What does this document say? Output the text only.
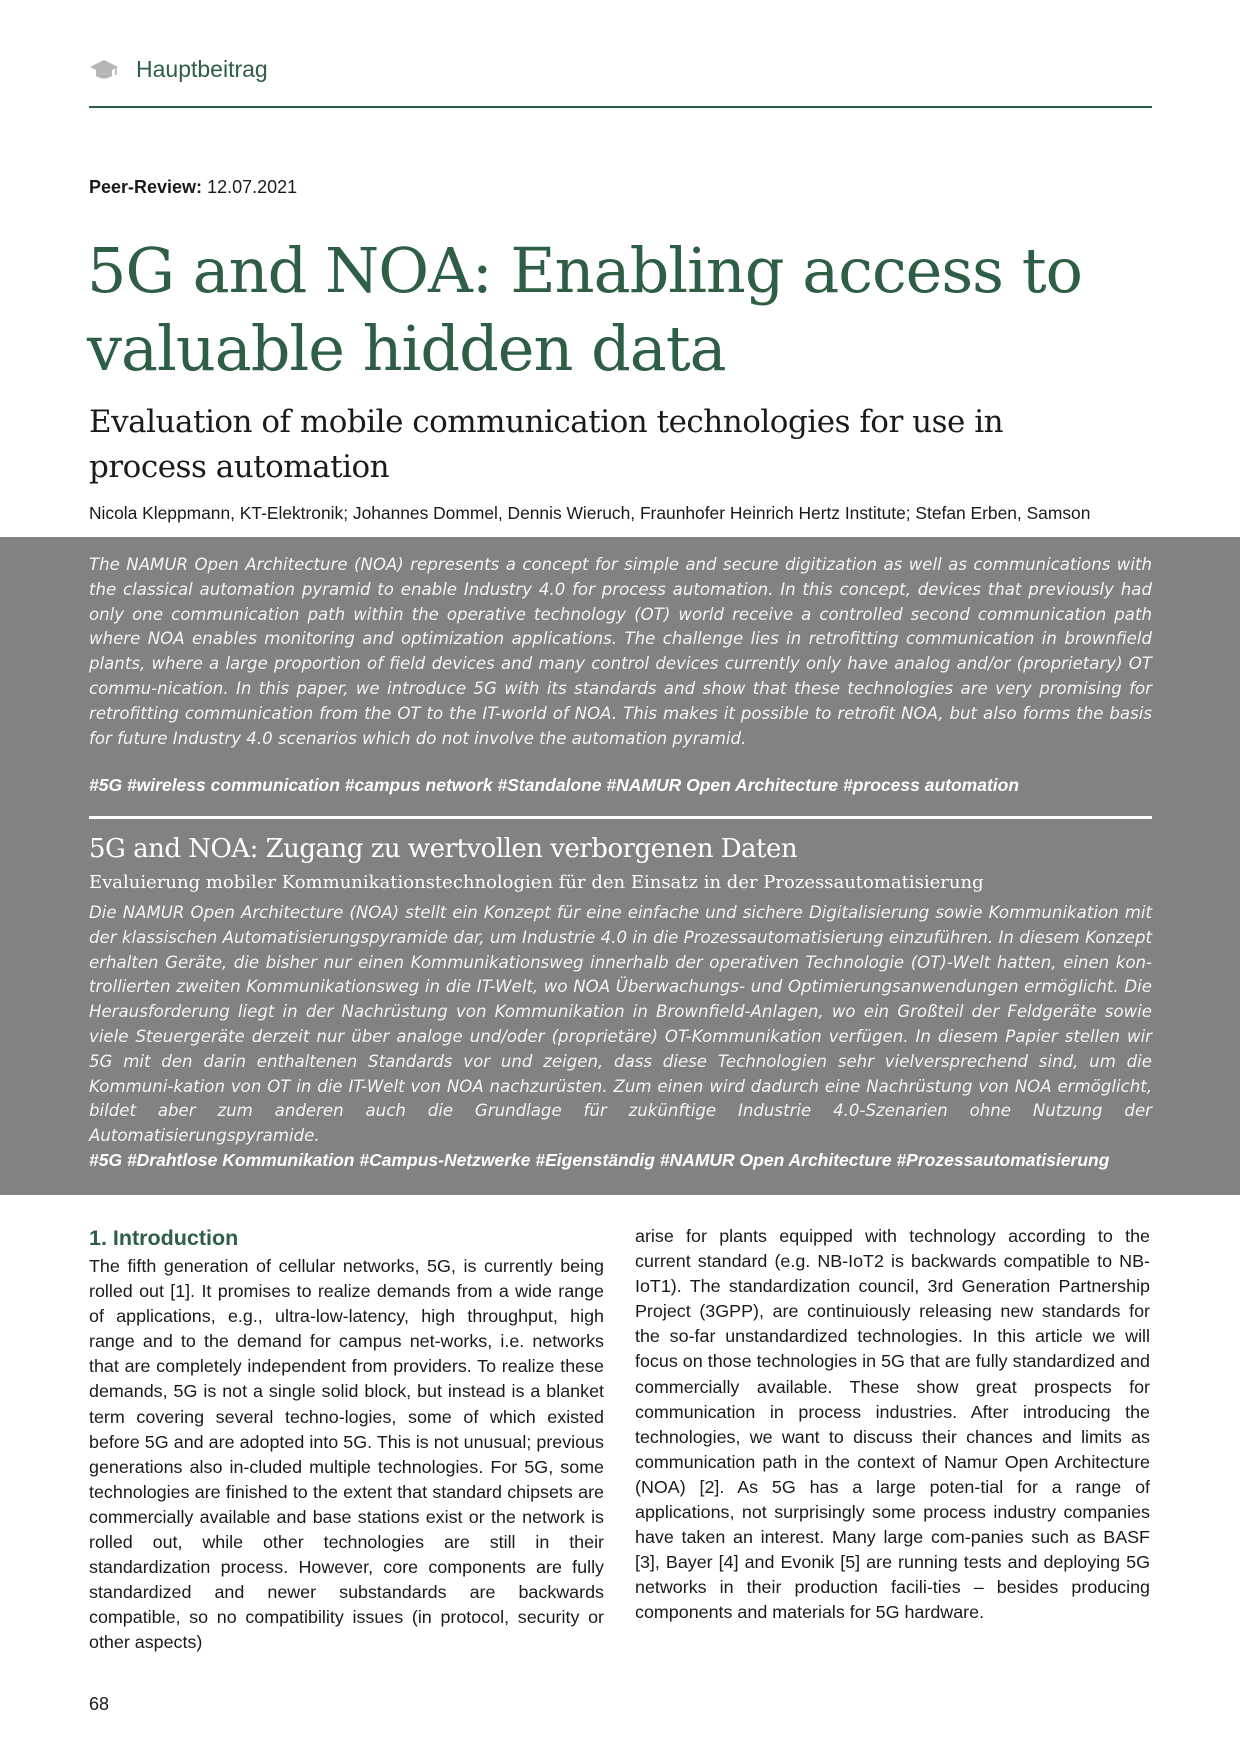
Hauptbeitrag
Peer-Review: 12.07.2021
5G and NOA: Enabling access to valuable hidden data
Evaluation of mobile communication technologies for use in process automation
Nicola Kleppmann, KT-Elektronik; Johannes Dommel, Dennis Wieruch, Fraunhofer Heinrich Hertz Institute; Stefan Erben, Samson

The NAMUR Open Architecture (NOA) represents a concept for simple and secure digitization as well as communications with the classical automation pyramid to enable Industry 4.0 for process automation. In this concept, devices that previously had only one communication path within the operative technology (OT) world receive a controlled second communication path where NOA enables monitoring and optimization applications. The challenge lies in retrofitting communication in brownfield plants, where a large proportion of field devices and many control devices currently only have analog and/or (proprietary) OT commu-nication. In this paper, we introduce 5G with its standards and show that these technologies are very promising for retrofitting communication from the OT to the IT-world of NOA. This makes it possible to retrofit NOA, but also forms the basis for future Industry 4.0 scenarios which do not involve the automation pyramid.

#5G #wireless communication #campus network #Standalone #NAMUR Open Architecture #process automation
5G and NOA: Zugang zu wertvollen verborgenen Daten
Evaluierung mobiler Kommunikationstechnologien für den Einsatz in der Prozessautomatisierung

Die NAMUR Open Architecture (NOA) stellt ein Konzept für eine einfache und sichere Digitalisierung sowie Kommunikation mit der klassischen Automatisierungspyramide dar, um Industrie 4.0 in die Prozessautomatisierung einzuführen. In diesem Konzept erhalten Geräte, die bisher nur einen Kommunikationsweg innerhalb der operativen Technologie (OT)-Welt hatten, einen kon-trollierten zweiten Kommunikationsweg in die IT-Welt, wo NOA Überwachungs- und Optimierungsanwendungen ermöglicht. Die Herausforderung liegt in der Nachrüstung von Kommunikation in Brownfield-Anlagen, wo ein Großteil der Feldgeräte sowie viele Steuergeräte derzeit nur über analoge und/oder (proprietäre) OT-Kommunikation verfügen. In diesem Papier stellen wir 5G mit den darin enthaltenen Standards vor und zeigen, dass diese Technologien sehr vielversprechend sind, um die Kommuni-kation von OT in die IT-Welt von NOA nachzurüsten. Zum einen wird dadurch eine Nachrüstung von NOA ermöglicht, bildet aber zum anderen auch die Grundlage für zukünftige Industrie 4.0-Szenarien ohne Nutzung der Automatisierungspyramide.

#5G #Drahtlose Kommunikation #Campus-Netzwerke #Eigenständig #NAMUR Open Architecture #Prozessautomatisierung
1. Introduction

The fifth generation of cellular networks, 5G, is currently being rolled out [1]. It promises to realize demands from a wide range of applications, e.g., ultra-low-latency, high throughput, high range and to the demand for campus net-works, i.e. networks that are completely independent from providers. To realize these demands, 5G is not a single solid block, but instead is a blanket term covering several techno-logies, some of which existed before 5G and are adopted into 5G. This is not unusual; previous generations also in-cluded multiple technologies. For 5G, some technologies are finished to the extent that standard chipsets are commercially available and base stations exist or the network is rolled out, while other technologies are still in their standardization process. However, core components are fully standardized and newer substandards are backwards compatible, so no compatibility issues (in protocol, security or other aspects)

arise for plants equipped with technology according to the current standard (e.g. NB-IoT2 is backwards compatible to NB-IoT1). The standardization council, 3rd Generation Partnership Project (3GPP), are continuiously releasing new standards for the so-far unstandardized technologies. In this article we will focus on those technologies in 5G that are fully standardized and commercially available. These show great prospects for communication in process industries. After introducing the technologies, we want to discuss their chances and limits as communication path in the context of Namur Open Architecture (NOA) [2]. As 5G has a large poten-tial for a range of applications, not surprisingly some process industry companies have taken an interest. Many large com-panies such as BASF [3], Bayer [4] and Evonik [5] are running tests and deploying 5G networks in their production facili-ties – besides producing components and materials for 5G hardware.

68
